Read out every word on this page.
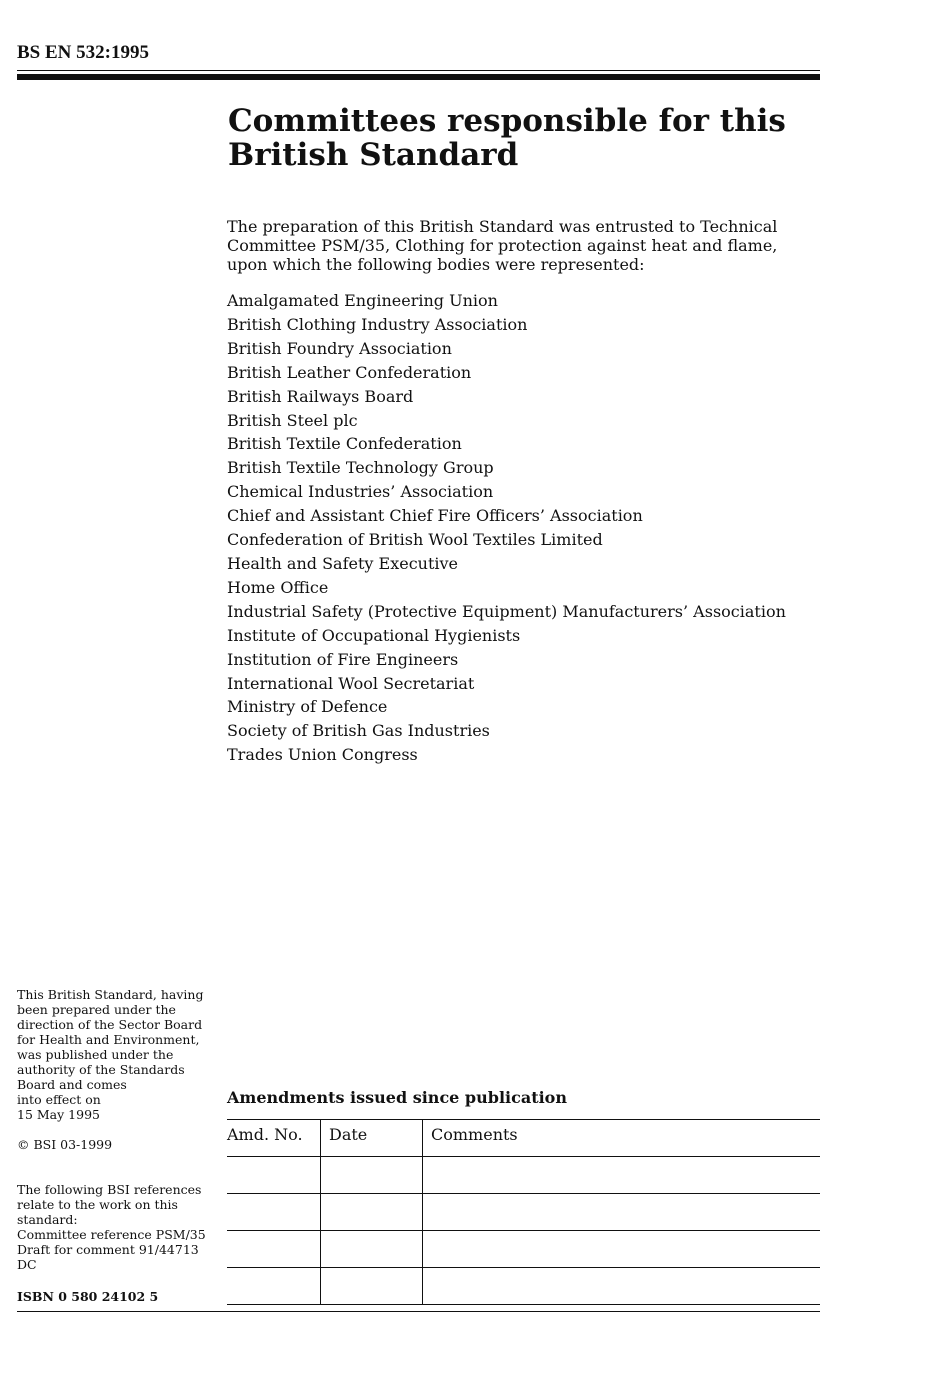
BS EN 532:1995
Committees responsible for this
British Standard

The preparation of this British Standard was entrusted to Technical Committee PSM/35, Clothing for protection against heat and flame, upon which the following bodies were represented:

Amalgamated Engineering Union
British Clothing Industry Association
British Foundry Association
British Leather Confederation
British Railways Board
British Steel plc
British Textile Confederation
British Textile Technology Group
Chemical Industries’ Association
Chief and Assistant Chief Fire Officers’ Association
Confederation of British Wool Textiles Limited
Health and Safety Executive
Home Office
Industrial Safety (Protective Equipment) Manufacturers’ Association
Institute of Occupational Hygienists
Institution of Fire Engineers
International Wool Secretariat
Ministry of Defence
Society of British Gas Industries
Trades Union Congress

This British Standard, having

been prepared under the

direction of the Sector Board

for Health and Environment,

was published under the

authority of the Standards

Board and comes

into effect on

15 May 1995

© BSI 03-1999

The following BSI references

relate to the work on this

standard:

Committee reference PSM/35

Draft for comment 91/44713 DC

ISBN 0 580 24102 5

Amendments issued since publication
Amd. No.	Date	Comments
